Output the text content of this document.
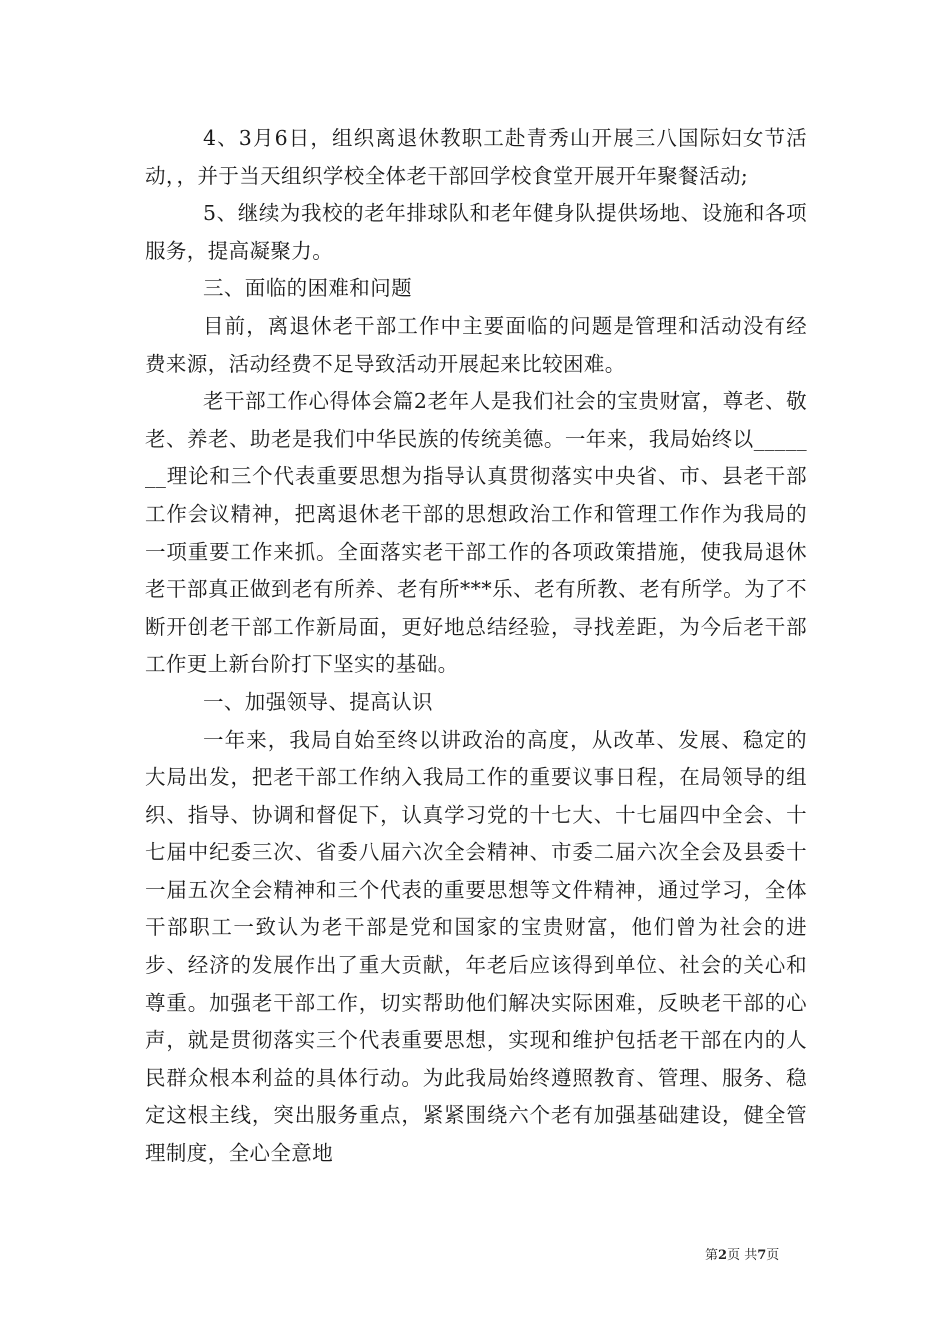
4、3月6日，组织离退休教职工赴青秀山开展三八国际妇女节活动，，并于当天组织学校全体老干部回学校食堂开展开年聚餐活动;

5、继续为我校的老年排球队和老年健身队提供场地、设施和各项服务，提高凝聚力。

三、面临的困难和问题

目前，离退休老干部工作中主要面临的问题是管理和活动没有经费来源，活动经费不足导致活动开展起来比较困难。

老干部工作心得体会篇2老年人是我们社会的宝贵财富，尊老、敬老、养老、助老是我们中华民族的传统美德。一年来，我局始终以_______理论和三个代表重要思想为指导认真贯彻落实中央省、市、县老干部工作会议精神，把离退休老干部的思想政治工作和管理工作作为我局的一项重要工作来抓。全面落实老干部工作的各项政策措施，使我局退休老干部真正做到老有所养、老有所***乐、老有所教、老有所学。为了不断开创老干部工作新局面，更好地总结经验，寻找差距，为今后老干部工作更上新台阶打下坚实的基础。

一、加强领导、提高认识

一年来，我局自始至终以讲政治的高度，从改革、发展、稳定的大局出发，把老干部工作纳入我局工作的重要议事日程，在局领导的组织、指导、协调和督促下，认真学习党的十七大、十七届四中全会、十七届中纪委三次、省委八届六次全会精神、市委二届六次全会及县委十一届五次全会精神和三个代表的重要思想等文件精神，通过学习，全体干部职工一致认为老干部是党和国家的宝贵财富，他们曾为社会的进步、经济的发展作出了重大贡献，年老后应该得到单位、社会的关心和尊重。加强老干部工作，切实帮助他们解决实际困难，反映老干部的心声，就是贯彻落实三个代表重要思想，实现和维护包括老干部在内的人民群众根本利益的具体行动。为此我局始终遵照教育、管理、服务、稳定这根主线，突出服务重点，紧紧围绕六个老有加强基础建设，健全管理制度，全心全意地

第2页 共7页
